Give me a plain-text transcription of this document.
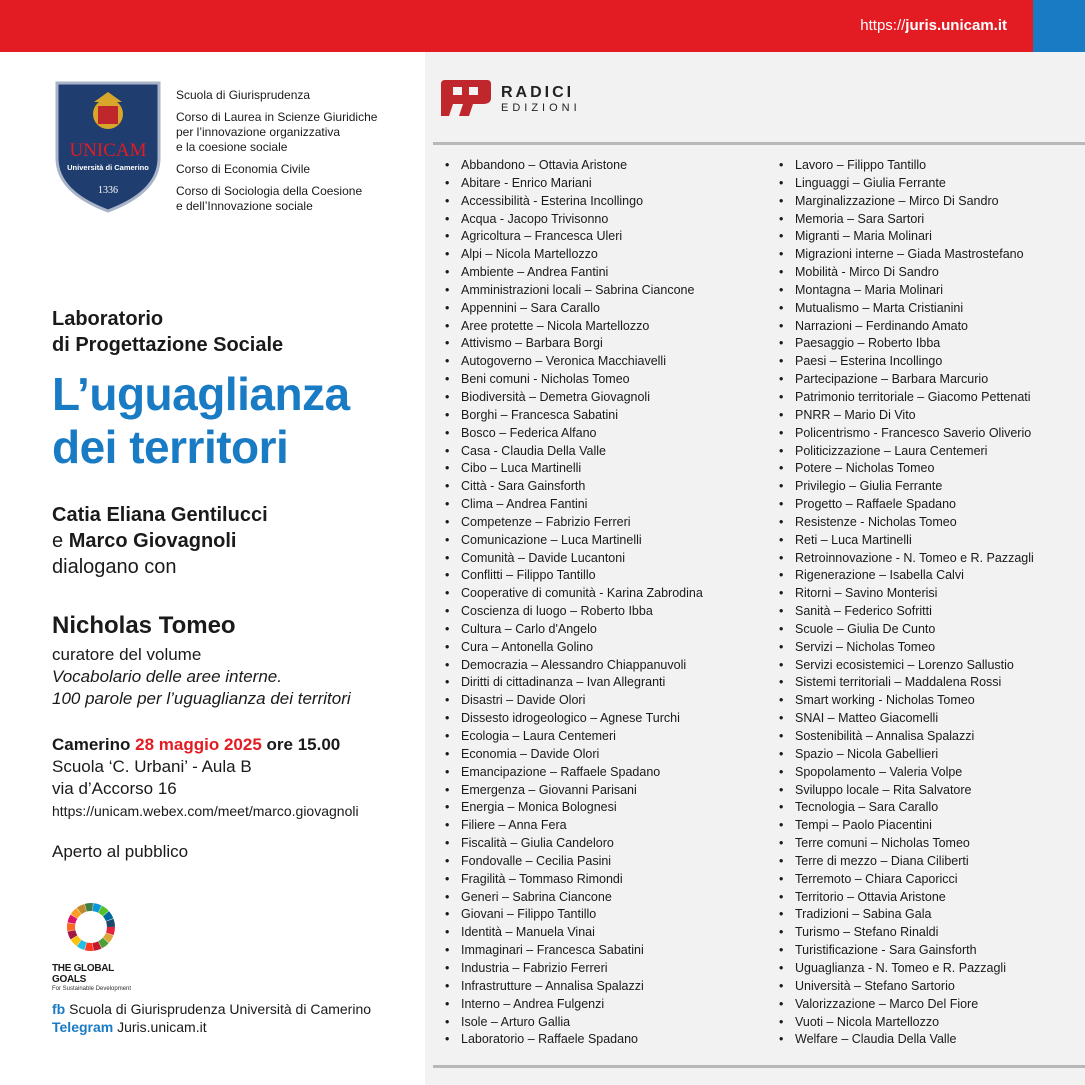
https://juris.unicam.it
UNICAM
Università di Camerino
1336
Scuola di Giurisprudenza
Corso di Laurea in Scienze Giuridiche
per l’innovazione organizzativa
e la coesione sociale
Corso di Economia Civile
Corso di Sociologia della Coesione
e dell’Innovazione sociale
Laboratorio
di Progettazione Sociale
L’uguaglianza
dei territori
Catia Eliana Gentilucci
e Marco Giovagnoli
dialogano con
Nicholas Tomeo
curatore del volume
Vocabolario delle aree interne.
100 parole per l’uguaglianza dei territori
Camerino 28 maggio 2025 ore 15.00
Scuola ‘C. Urbani’ - Aula B
via d’Accorso 16
https://unicam.webex.com/meet/marco.giovagnoli
Aperto al pubblico
THE GLOBAL GOALS
For Sustainable Development
fb Scuola di Giurisprudenza Università di Camerino
Telegram Juris.unicam.it
RADICI
EDIZIONI
• Abbandono – Ottavia Aristone
• Abitare - Enrico Mariani
• Accessibilità - Esterina Incollingo
• Acqua - Jacopo Trivisonno
• Agricoltura – Francesca Uleri
• Alpi – Nicola Martellozzo
• Ambiente – Andrea Fantini
• Amministrazioni locali – Sabrina Ciancone
• Appennini – Sara Carallo
• Aree protette – Nicola Martellozzo
• Attivismo – Barbara Borgi
• Autogoverno – Veronica Macchiavelli
• Beni comuni - Nicholas Tomeo
• Biodiversità – Demetra Giovagnoli
• Borghi – Francesca Sabatini
• Bosco – Federica Alfano
• Casa - Claudia Della Valle
• Cibo – Luca Martinelli
• Città - Sara Gainsforth
• Clima – Andrea Fantini
• Competenze – Fabrizio Ferreri
• Comunicazione – Luca Martinelli
• Comunità – Davide Lucantoni
• Conflitti – Filippo Tantillo
• Cooperative di comunità - Karina Zabrodina
• Coscienza di luogo – Roberto Ibba
• Cultura – Carlo d'Angelo
• Cura – Antonella Golino
• Democrazia – Alessandro Chiappanuvoli
• Diritti di cittadinanza – Ivan Allegranti
• Disastri – Davide Olori
• Dissesto idrogeologico – Agnese Turchi
• Ecologia – Laura Centemeri
• Economia – Davide Olori
• Emancipazione – Raffaele Spadano
• Emergenza – Giovanni Parisani
• Energia – Monica Bolognesi
• Filiere – Anna Fera
• Fiscalità – Giulia Candeloro
• Fondovalle – Cecilia Pasini
• Fragilità – Tommaso Rimondi
• Generi – Sabrina Ciancone
• Giovani – Filippo Tantillo
• Identità – Manuela Vinai
• Immaginari – Francesca Sabatini
• Industria – Fabrizio Ferreri
• Infrastrutture – Annalisa Spalazzi
• Interno – Andrea Fulgenzi
• Isole – Arturo Gallia
• Laboratorio – Raffaele Spadano
• Lavoro – Filippo Tantillo
• Linguaggi – Giulia Ferrante
• Marginalizzazione – Mirco Di Sandro
• Memoria – Sara Sartori
• Migranti – Maria Molinari
• Migrazioni interne – Giada Mastrostefano
• Mobilità - Mirco Di Sandro
• Montagna – Maria Molinari
• Mutualismo – Marta Cristianini
• Narrazioni – Ferdinando Amato
• Paesaggio – Roberto Ibba
• Paesi – Esterina Incollingo
• Partecipazione – Barbara Marcurio
• Patrimonio territoriale – Giacomo Pettenati
• PNRR – Mario Di Vito
• Policentrismo - Francesco Saverio Oliverio
• Politicizzazione – Laura Centemeri
• Potere – Nicholas Tomeo
• Privilegio – Giulia Ferrante
• Progetto – Raffaele Spadano
• Resistenze - Nicholas Tomeo
• Reti – Luca Martinelli
• Retroinnovazione - N. Tomeo e R. Pazzagli
• Rigenerazione – Isabella Calvi
• Ritorni – Savino Monterisi
• Sanità – Federico Sofritti
• Scuole – Giulia De Cunto
• Servizi – Nicholas Tomeo
• Servizi ecosistemici – Lorenzo Sallustio
• Sistemi territoriali – Maddalena Rossi
• Smart working - Nicholas Tomeo
• SNAI – Matteo Giacomelli
• Sostenibilità – Annalisa Spalazzi
• Spazio – Nicola Gabellieri
• Spopolamento – Valeria Volpe
• Sviluppo locale – Rita Salvatore
• Tecnologia – Sara Carallo
• Tempi – Paolo Piacentini
• Terre comuni – Nicholas Tomeo
• Terre di mezzo – Diana Ciliberti
• Terremoto – Chiara Caporicci
• Territorio – Ottavia Aristone
• Tradizioni – Sabina Gala
• Turismo – Stefano Rinaldi
• Turistificazione - Sara Gainsforth
• Uguaglianza - N. Tomeo e R. Pazzagli
• Università – Stefano Sartorio
• Valorizzazione – Marco Del Fiore
• Vuoti – Nicola Martellozzo
• Welfare – Claudia Della Valle
